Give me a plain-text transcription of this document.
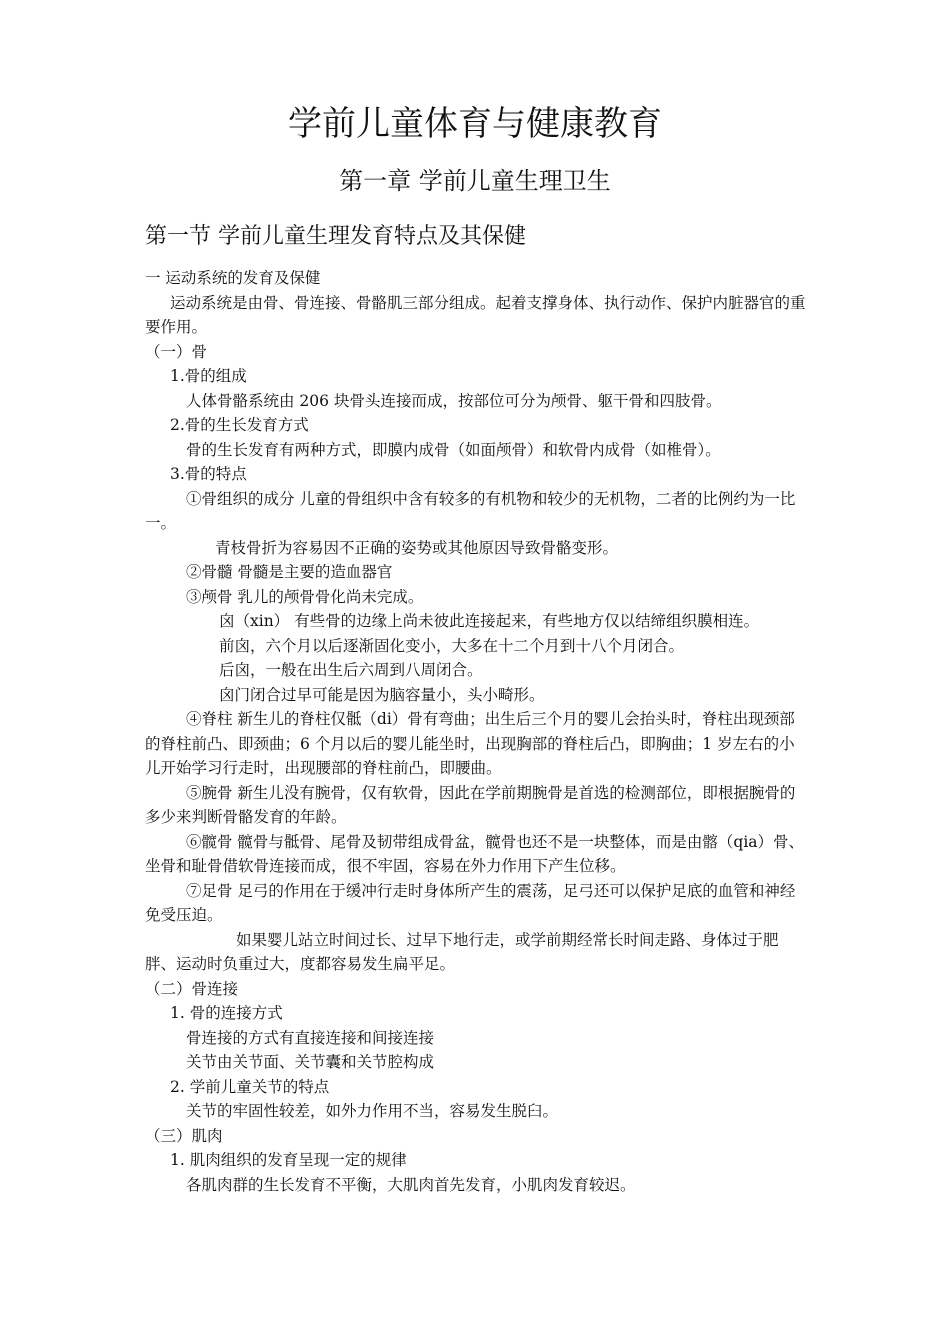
学前儿童体育与健康教育
第一章 学前儿童生理卫生
第一节 学前儿童生理发育特点及其保健

一 运动系统的发育及保健

运动系统是由骨、骨连接、骨骼肌三部分组成。起着支撑身体、执行动作、保护内脏器官的重要作用。

（一）骨

1.骨的组成

人体骨骼系统由 206 块骨头连接而成，按部位可分为颅骨、躯干骨和四肢骨。

2.骨的生长发育方式

骨的生长发育有两种方式，即膜内成骨（如面颅骨）和软骨内成骨（如椎骨）。

3.骨的特点

①骨组织的成分 儿童的骨组织中含有较多的有机物和较少的无机物，二者的比例约为一比一。

青枝骨折为容易因不正确的姿势或其他原因导致骨骼变形。

②骨髓 骨髓是主要的造血器官

③颅骨 乳儿的颅骨骨化尚未完成。

囟（xin） 有些骨的边缘上尚未彼此连接起来，有些地方仅以结缔组织膜相连。

前囟，六个月以后逐渐固化变小，大多在十二个月到十八个月闭合。

后囟，一般在出生后六周到八周闭合。

囟门闭合过早可能是因为脑容量小，头小畸形。

④脊柱 新生儿的脊柱仅骶（di）骨有弯曲；出生后三个月的婴儿会抬头时，脊柱出现颈部的脊柱前凸、即颈曲；6 个月以后的婴儿能坐时，出现胸部的脊柱后凸，即胸曲；1 岁左右的小儿开始学习行走时，出现腰部的脊柱前凸，即腰曲。

⑤腕骨 新生儿没有腕骨，仅有软骨，因此在学前期腕骨是首选的检测部位，即根据腕骨的多少来判断骨骼发育的年龄。

⑥髋骨 髋骨与骶骨、尾骨及韧带组成骨盆，髋骨也还不是一块整体，而是由髂（qia）骨、坐骨和耻骨借软骨连接而成，很不牢固，容易在外力作用下产生位移。

⑦足骨 足弓的作用在于缓冲行走时身体所产生的震荡，足弓还可以保护足底的血管和神经免受压迫。

如果婴儿站立时间过长、过早下地行走，或学前期经常长时间走路、身体过于肥胖、运动时负重过大，度都容易发生扁平足。

（二）骨连接

1. 骨的连接方式

骨连接的方式有直接连接和间接连接

关节由关节面、关节囊和关节腔构成

2. 学前儿童关节的特点

关节的牢固性较差，如外力作用不当，容易发生脱臼。

（三）肌肉

1. 肌肉组织的发育呈现一定的规律

各肌肉群的生长发育不平衡，大肌肉首先发育，小肌肉发育较迟。
